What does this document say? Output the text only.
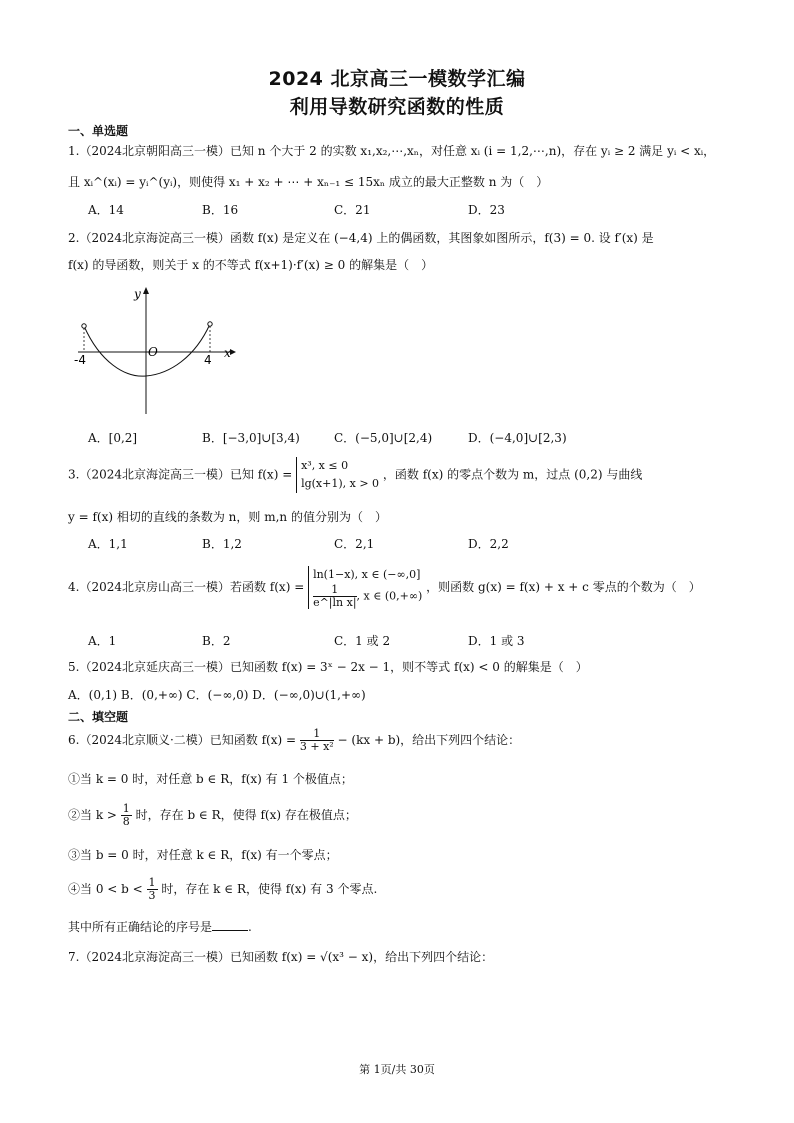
2024 北京高三一模数学汇编
利用导数研究函数的性质
一、单选题
1.（2024北京朝阳高三一模）已知 n 个大于 2 的实数 x₁,x₂,⋯,xₙ，对任意 xᵢ (i = 1,2,⋯,n)，存在 yᵢ ≥ 2 满足 yᵢ < xᵢ，
且 xᵢ^(xᵢ) = yᵢ^(yᵢ)，则使得 x₁ + x₂ + ⋯ + xₙ₋₁ ≤ 15xₙ 成立的最大正整数 n 为（　）
A．14	B．16	C．21	D．23
2.（2024北京海淀高三一模）函数 f(x) 是定义在 (−4,4) 上的偶函数，其图象如图所示，f(3) = 0. 设 f′(x) 是
f(x) 的导函数，则关于 x 的不等式 f(x+1)·f′(x) ≥ 0 的解集是（　）
y
x
O
-4	4
A．[0,2]	B．[−3,0]∪[3,4)	C．(−5,0]∪[2,4)	D．(−4,0]∪[2,3)
3.（2024北京海淀高三一模）已知 f(x) =
x³, x ≤ 0
lg(x+1), x > 0
，函数 f(x) 的零点个数为 m，过点 (0,2) 与曲线
y = f(x) 相切的直线的条数为 n，则 m,n 的值分别为（　）
A．1,1	B．1,2	C．2,1	D．2,2
4.（2024北京房山高三一模）若函数 f(x) =
ln(1−x), x ∈ (−∞,0]
$\frac{1}{\text{e\textasciicircum{}|ln x|}}$ , x ∈ (0,+∞)
，则函数 g(x) = f(x) + x + c 零点的个数为（　）
A．1	B．2	C．1 或 2	D．1 或 3
5.（2024北京延庆高三一模）已知函数 f(x) = 3ˣ − 2x − 1，则不等式 f(x) < 0 的解集是（　）
A．(0,1) B．(0,+∞) C．(−∞,0) D．(−∞,0)∪(1,+∞)
二、填空题
6.（2024北京顺义·二模）已知函数 $f(x) = \frac{1}{\text{3 + x²}} - (kx + b)$，给出下列四个结论：
①当 k = 0 时，对任意 b ∈ R，f(x) 有 1 个极值点；
②当 $k > \frac{1}{8}$ 时，存在 b ∈ R，使得 f(x) 存在极值点；
③当 b = 0 时，对任意 k ∈ R，f(x) 有一个零点；
④当 $0 < b < \frac{1}{3}$ 时，存在 k ∈ R，使得 f(x) 有 3 个零点.
其中所有正确结论的序号是	.
7.（2024北京海淀高三一模）已知函数 f(x) = √(x³ − x)，给出下列四个结论：
第 1页/共 30页
